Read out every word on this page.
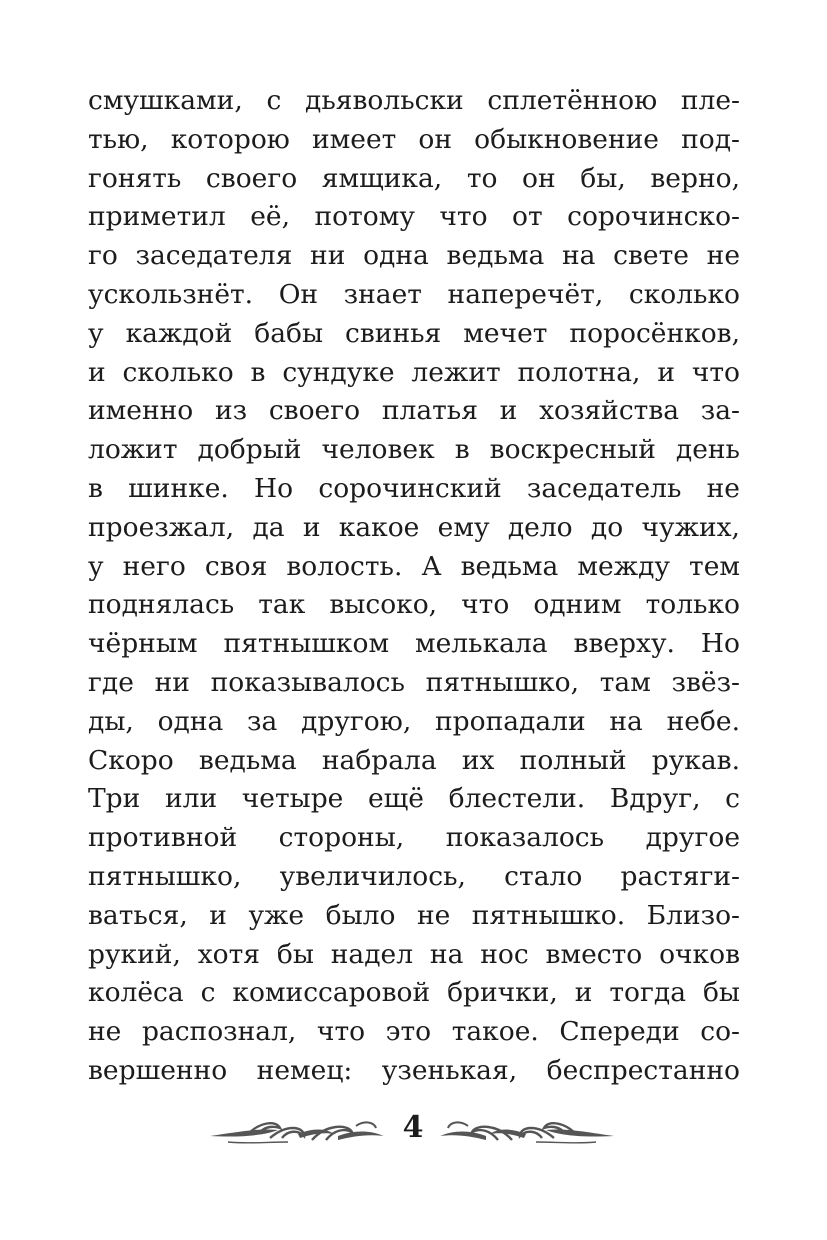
смушками, с дьявольски сплетённою пле-
тью, которою имеет он обыкновение под-
гонять своего ямщика, то он бы, верно,
приметил её, потому что от сорочинско-
го заседателя ни одна ведьма на свете не
ускользнёт. Он знает наперечёт, сколько
у каждой бабы свинья мечет поросёнков,
и сколько в сундуке лежит полотна, и что
именно из своего платья и хозяйства за-
ложит добрый человек в воскресный день
в шинке. Но сорочинский заседатель не
проезжал, да и какое ему дело до чужих,
у него своя волость. А ведьма между тем
поднялась так высоко, что одним только
чёрным пятнышком мелькала вверху. Но
где ни показывалось пятнышко, там звёз-
ды, одна за другою, пропадали на небе.
Скоро ведьма набрала их полный рукав.
Три или четыре ещё блестели. Вдруг, с
противной стороны, показалось другое
пятнышко, увеличилось, стало растяги-
ваться, и уже было не пятнышко. Близо-
рукий, хотя бы надел на нос вместо очков
колёса с комиссаровой брички, и тогда бы
не распознал, что это такое. Спереди со-
вершенно немец: узенькая, беспрестанно
4
